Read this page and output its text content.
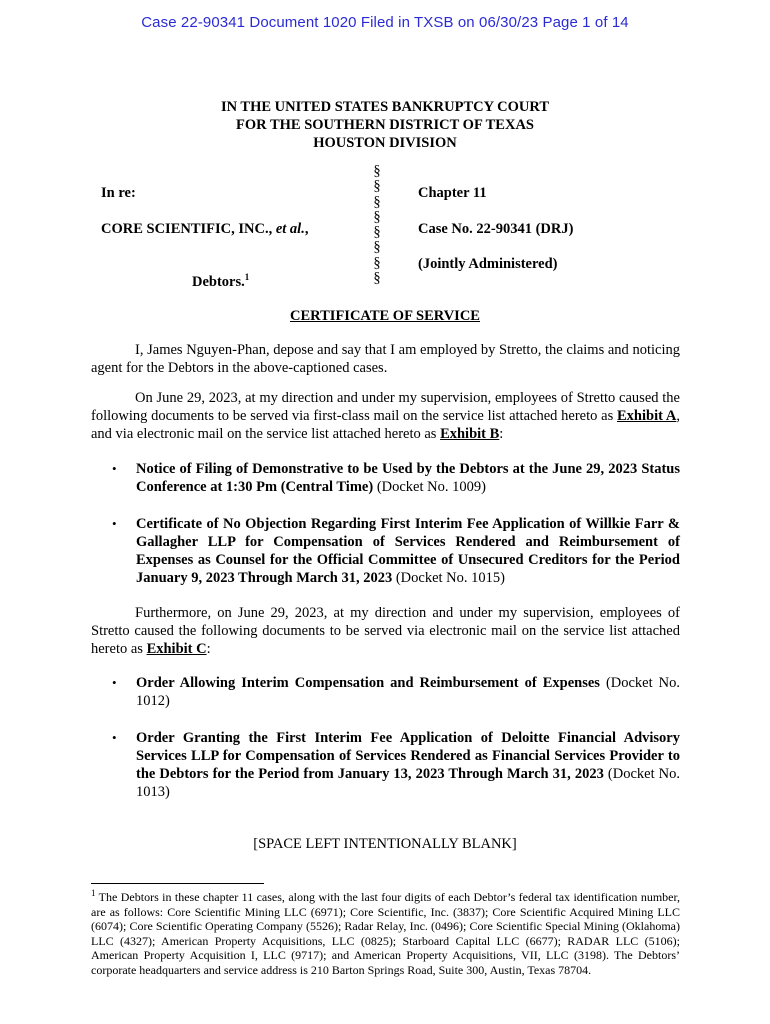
Case 22-90341 Document 1020 Filed in TXSB on 06/30/23 Page 1 of 14
IN THE UNITED STATES BANKRUPTCY COURT
FOR THE SOUTHERN DISTRICT OF TEXAS
HOUSTON DIVISION
§
§
§
§
§
§
§
§
In re:
CORE SCIENTIFIC, INC., et al.,
Debtors.$^1$
Chapter 11
Case No. 22-90341 (DRJ)
(Jointly Administered)
CERTIFICATE OF SERVICE
I, James Nguyen-Phan, depose and say that I am employed by Stretto, the claims and noticing agent for the Debtors in the above-captioned cases.
On June 29, 2023, at my direction and under my supervision, employees of Stretto caused the following documents to be served via first-class mail on the service list attached hereto as Exhibit A, and via electronic mail on the service list attached hereto as Exhibit B:
• Notice of Filing of Demonstrative to be Used by the Debtors at the June 29, 2023 Status Conference at 1:30 Pm (Central Time) (Docket No. 1009)
• Certificate of No Objection Regarding First Interim Fee Application of Willkie Farr & Gallagher LLP for Compensation of Services Rendered and Reimbursement of Expenses as Counsel for the Official Committee of Unsecured Creditors for the Period January 9, 2023 Through March 31, 2023 (Docket No. 1015)
Furthermore, on June 29, 2023, at my direction and under my supervision, employees of Stretto caused the following documents to be served via electronic mail on the service list attached hereto as Exhibit C:
• Order Allowing Interim Compensation and Reimbursement of Expenses (Docket No. 1012)
• Order Granting the First Interim Fee Application of Deloitte Financial Advisory Services LLP for Compensation of Services Rendered as Financial Services Provider to the Debtors for the Period from January 13, 2023 Through March 31, 2023 (Docket No. 1013)
[SPACE LEFT INTENTIONALLY BLANK]
$^1$ The Debtors in these chapter 11 cases, along with the last four digits of each Debtor’s federal tax identification number, are as follows: Core Scientific Mining LLC (6971); Core Scientific, Inc. (3837); Core Scientific Acquired Mining LLC (6074); Core Scientific Operating Company (5526); Radar Relay, Inc. (0496); Core Scientific Special Mining (Oklahoma) LLC (4327); American Property Acquisitions, LLC (0825); Starboard Capital LLC (6677); RADAR LLC (5106); American Property Acquisition I, LLC (9717); and American Property Acquisitions, VII, LLC (3198). The Debtors’ corporate headquarters and service address is 210 Barton Springs Road, Suite 300, Austin, Texas 78704.
